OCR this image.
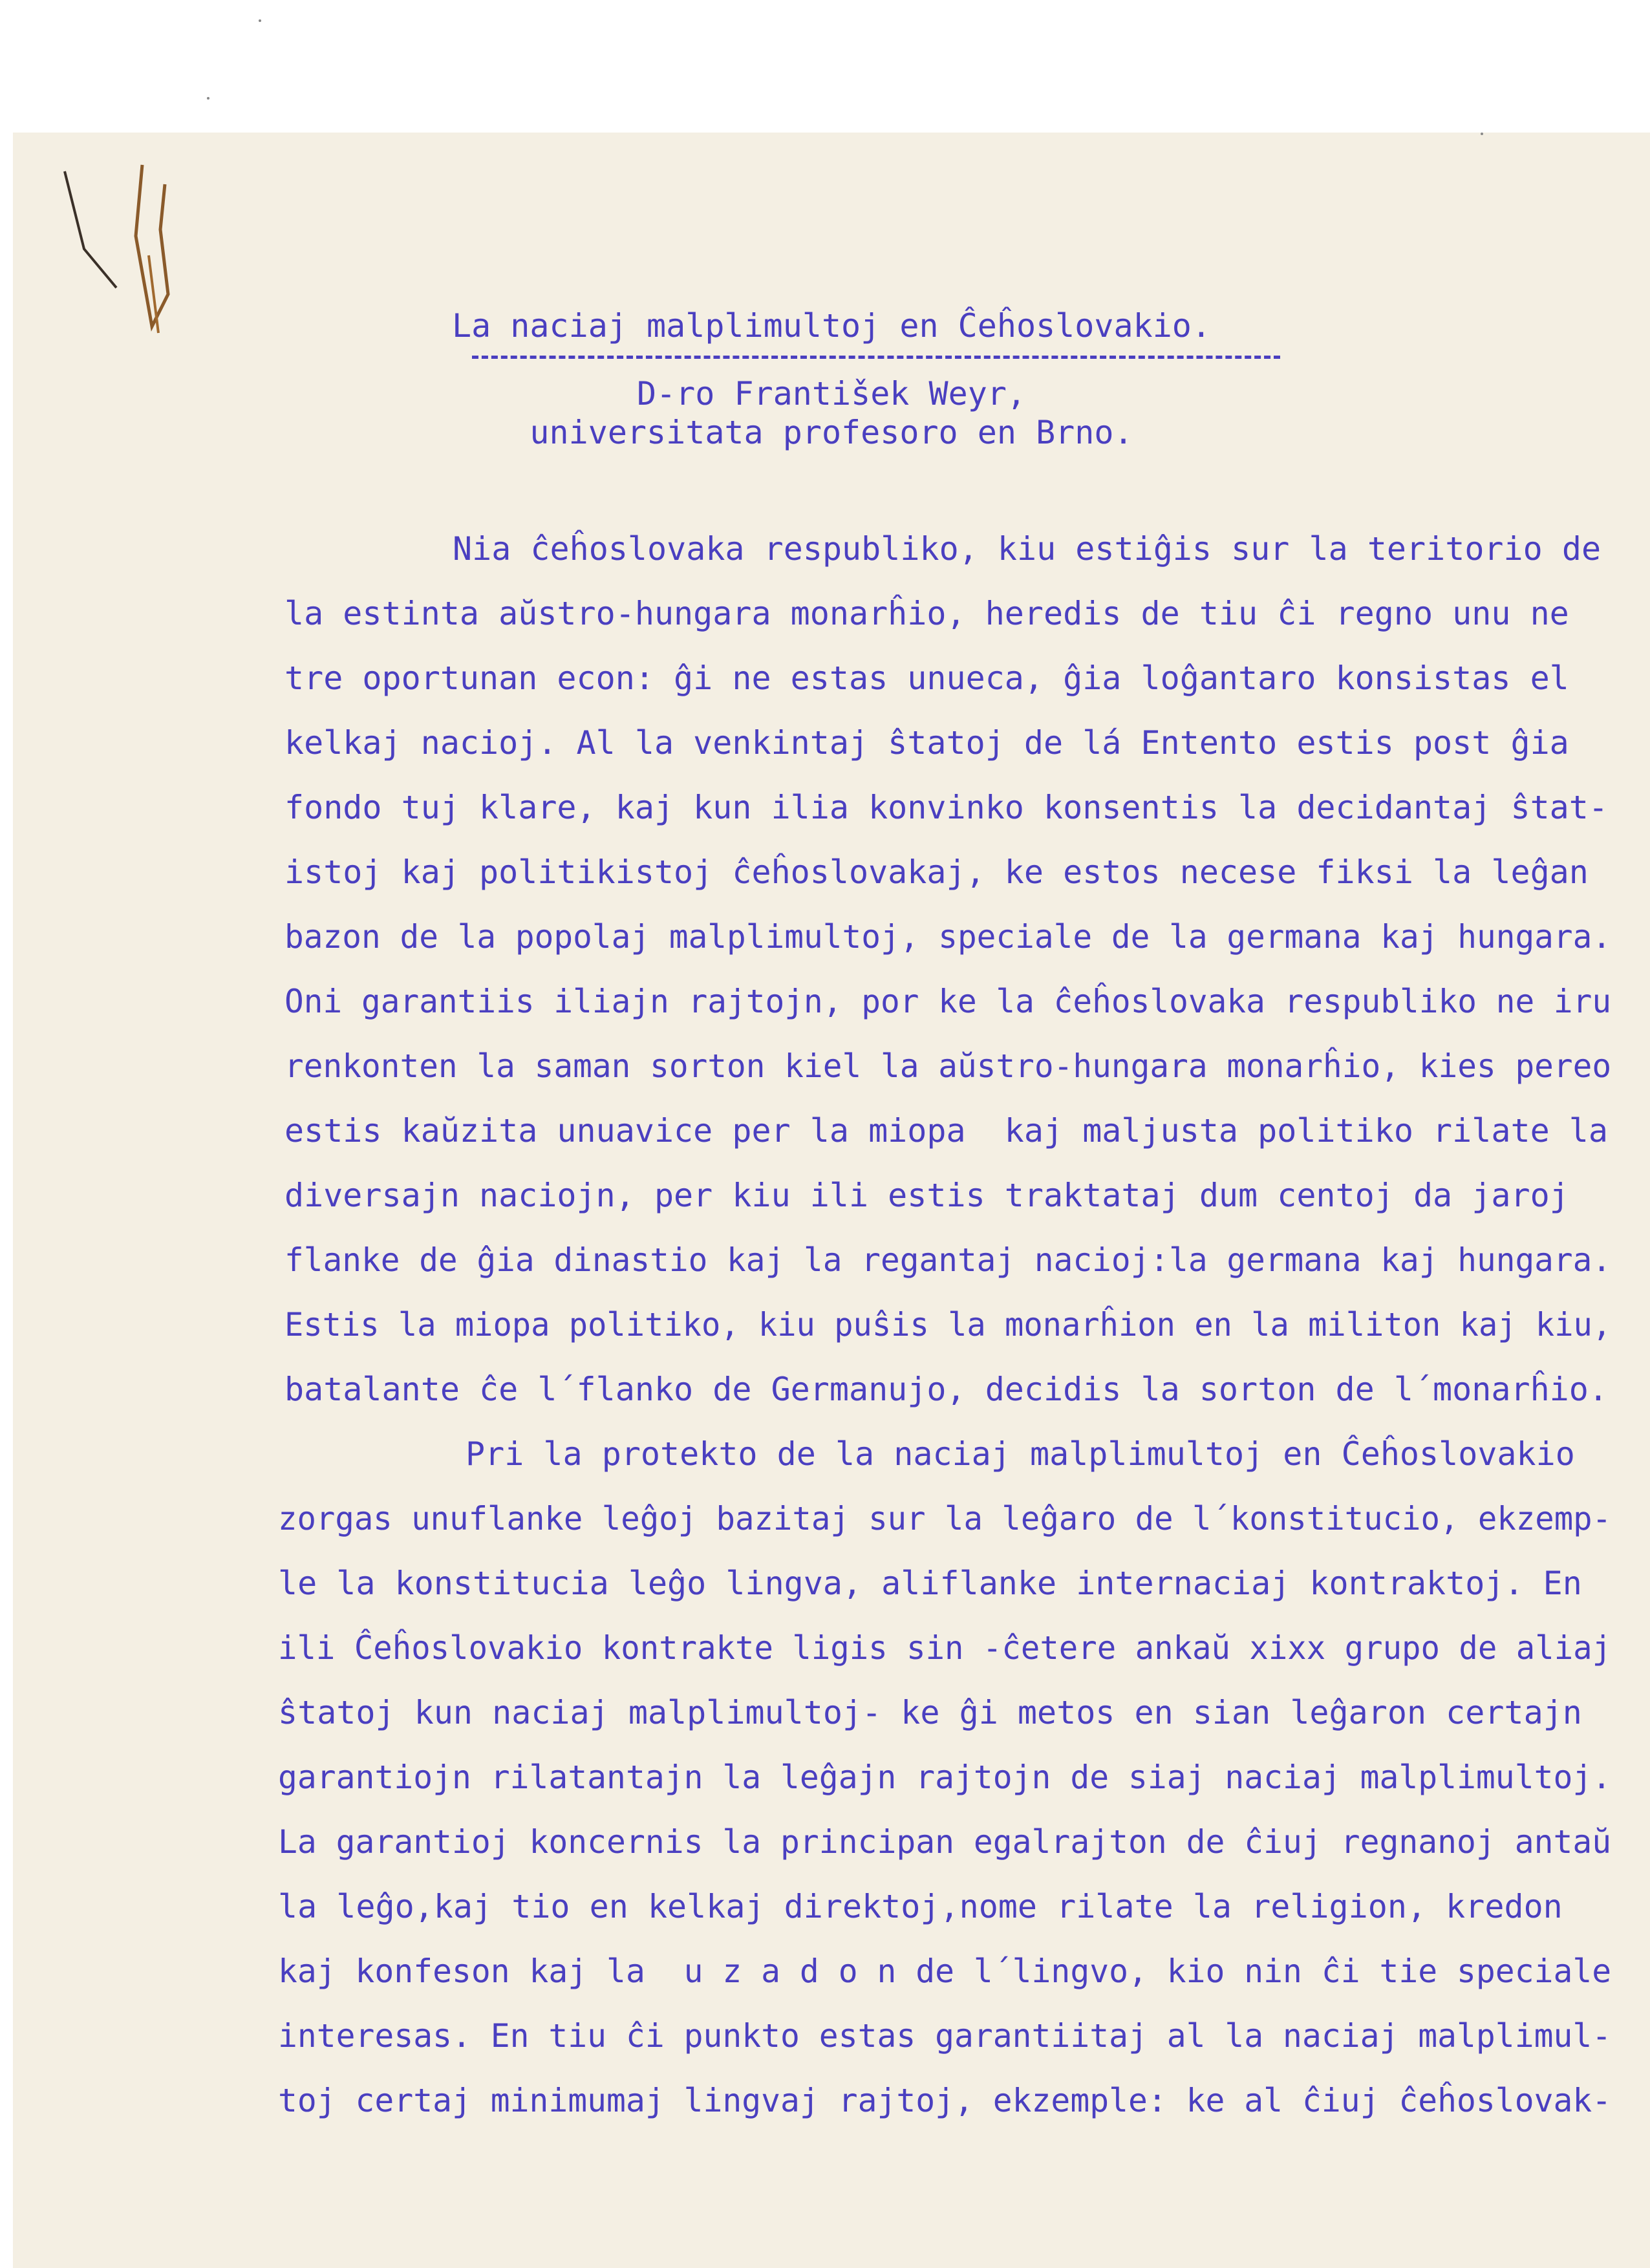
La naciaj malplimultoj en Ĉeĥoslovakio.
D-ro František Weyr,
universitata profesoro en Brno.
Nia ĉeĥoslovaka respubliko, kiu estiĝis sur la teritorio de
la estinta aŭstro-hungara monarĥio, heredis de tiu ĉi regno unu ne
tre oportunan econ: ĝi ne estas unueca, ĝia loĝantaro konsistas el
kelkaj nacioj. Al la venkintaj ŝtatoj de lá Entento estis post ĝia
fondo tuj klare, kaj kun ilia konvinko konsentis la decidantaj ŝtat-
istoj kaj politikistoj ĉeĥoslovakaj, ke estos necese fiksi la leĝan
bazon de la popolaj malplimultoj, speciale de la germana kaj hungara.
Oni garantiis iliajn rajtojn, por ke la ĉeĥoslovaka respubliko ne iru
renkonten la saman sorton kiel la aŭstro-hungara monarĥio, kies pereo
estis kaŭzita unuavice per la miopa  kaj maljusta politiko rilate la
diversajn naciojn, per kiu ili estis traktataj dum centoj da jaroj
flanke de ĝia dinastio kaj la regantaj nacioj:la germana kaj hungara.
Estis la miopa politiko, kiu puŝis la monarĥion en la militon kaj kiu,
batalante ĉe l´flanko de Germanujo, decidis la sorton de l´monarĥio.
Pri la protekto de la naciaj malplimultoj en Ĉeĥoslovakio
zorgas unuflanke leĝoj bazitaj sur la leĝaro de l´konstitucio, ekzemp-
le la konstitucia leĝo lingva, aliflanke internaciaj kontraktoj. En
ili Ĉeĥoslovakio kontrakte ligis sin -ĉetere ankaŭ xixx grupo de aliaj
ŝtatoj kun naciaj malplimultoj- ke ĝi metos en sian leĝaron certajn
garantiojn rilatantajn la leĝajn rajtojn de siaj naciaj malplimultoj.
La garantioj koncernis la principan egalrajton de ĉiuj regnanoj antaŭ
la leĝo,kaj tio en kelkaj direktoj,nome rilate la religion, kredon
kaj konfeson kaj la  u z a d o n de l´lingvo, kio nin ĉi tie speciale
interesas. En tiu ĉi punkto estas garantiitaj al la naciaj malplimul-
toj certaj minimumaj lingvaj rajtoj, ekzemple: ke al ĉiuj ĉeĥoslovak-
